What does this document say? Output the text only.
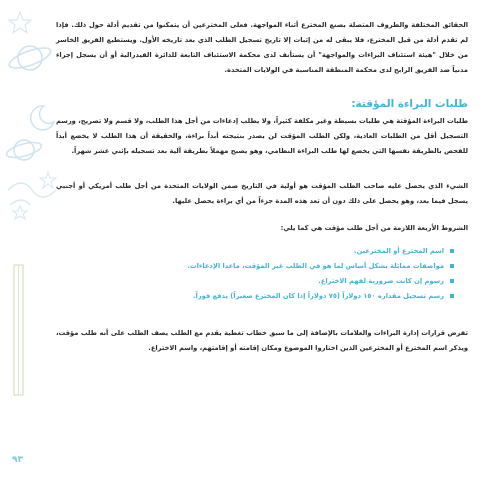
الحقائق المختلفة والظروف المتصلة بصنع المخترع أثناء المواجهة. فعلى المخترعين أن يتمكنوا من تقديم أدلة حول ذلك. فإذا لم تقدم أدلة من قبل المخترع، فلا يبقى له من إثبات إلا تاريخ تسجيل الطلب الذي بعد تاريخه الأول. ويستطيع الفريق الخاسر من خلال "هيئة استئناف البراءات والمواجهة" أن يستأنف لدى محكمة الاستئناف التابعة للدائرة الفيدرالية أو أن يسجل إجراء مدنياً ضد الفريق الرابح لدى محكمة المنطقة المناسبة في الولايات المتحدة.

طلبات البراءة المؤقتة:

طلبات البراءة المؤقتة هي طلبات بسيطة وغير مكلفة كثيراً، ولا يطلب إدعاءات من أجل هذا الطلب، ولا قسم ولا تصريح، ورسم التسجيل أقل من الطلبات العادية، ولكن الطلب المؤقت لن يصدر بنتيجته أبداً براءة، والحقيقة أن هذا الطلب لا يخضع أبداً للفحص بالطريقة نفسها التي يخضع لها طلب البراءة النظامي، وهو يصبح مهملاً بطريقة آلية بعد تسجيله بإثني عشر شهراً.

الشيء الذي يحصل عليه صاحب الطلب المؤقت هو أولية في التاريخ ضمن الولايات المتحدة من أجل طلب أمريكي أو أجنبي يسجل فيما بعد، وهو يحصل على ذلك دون أن تعد هذه المدة جزءاً من أي براءة يحصل عليها.

الشروط الأربعة اللازمة من أجل طلب مؤقت هي كما يلي:

اسم المخترع أو المخترعين.
مواصفات مماثلة بشكل أساس لما هو في الطلب غير المؤقت، ماعدا الإدعاءات.
رسوم إن كانت ضرورية لفهم الاختراع.
رسم تسجيل مقداره ١٥٠ دولاراً (٧٥ دولاراً إذا كان المخترع صغيراً) يدفع فوراً.

تفرض قرارات إدارة البراءات والعلامات بالإضافة إلى ما سبق خطاب تغطية يقدم مع الطلب يصف الطلب على أنه طلب مؤقت، ويذكر اسم المخترع أو المخترعين الذين اختاروا الموضوع ومكان إقامته أو إقامتهم، واسم الاختراع.

٩٣
